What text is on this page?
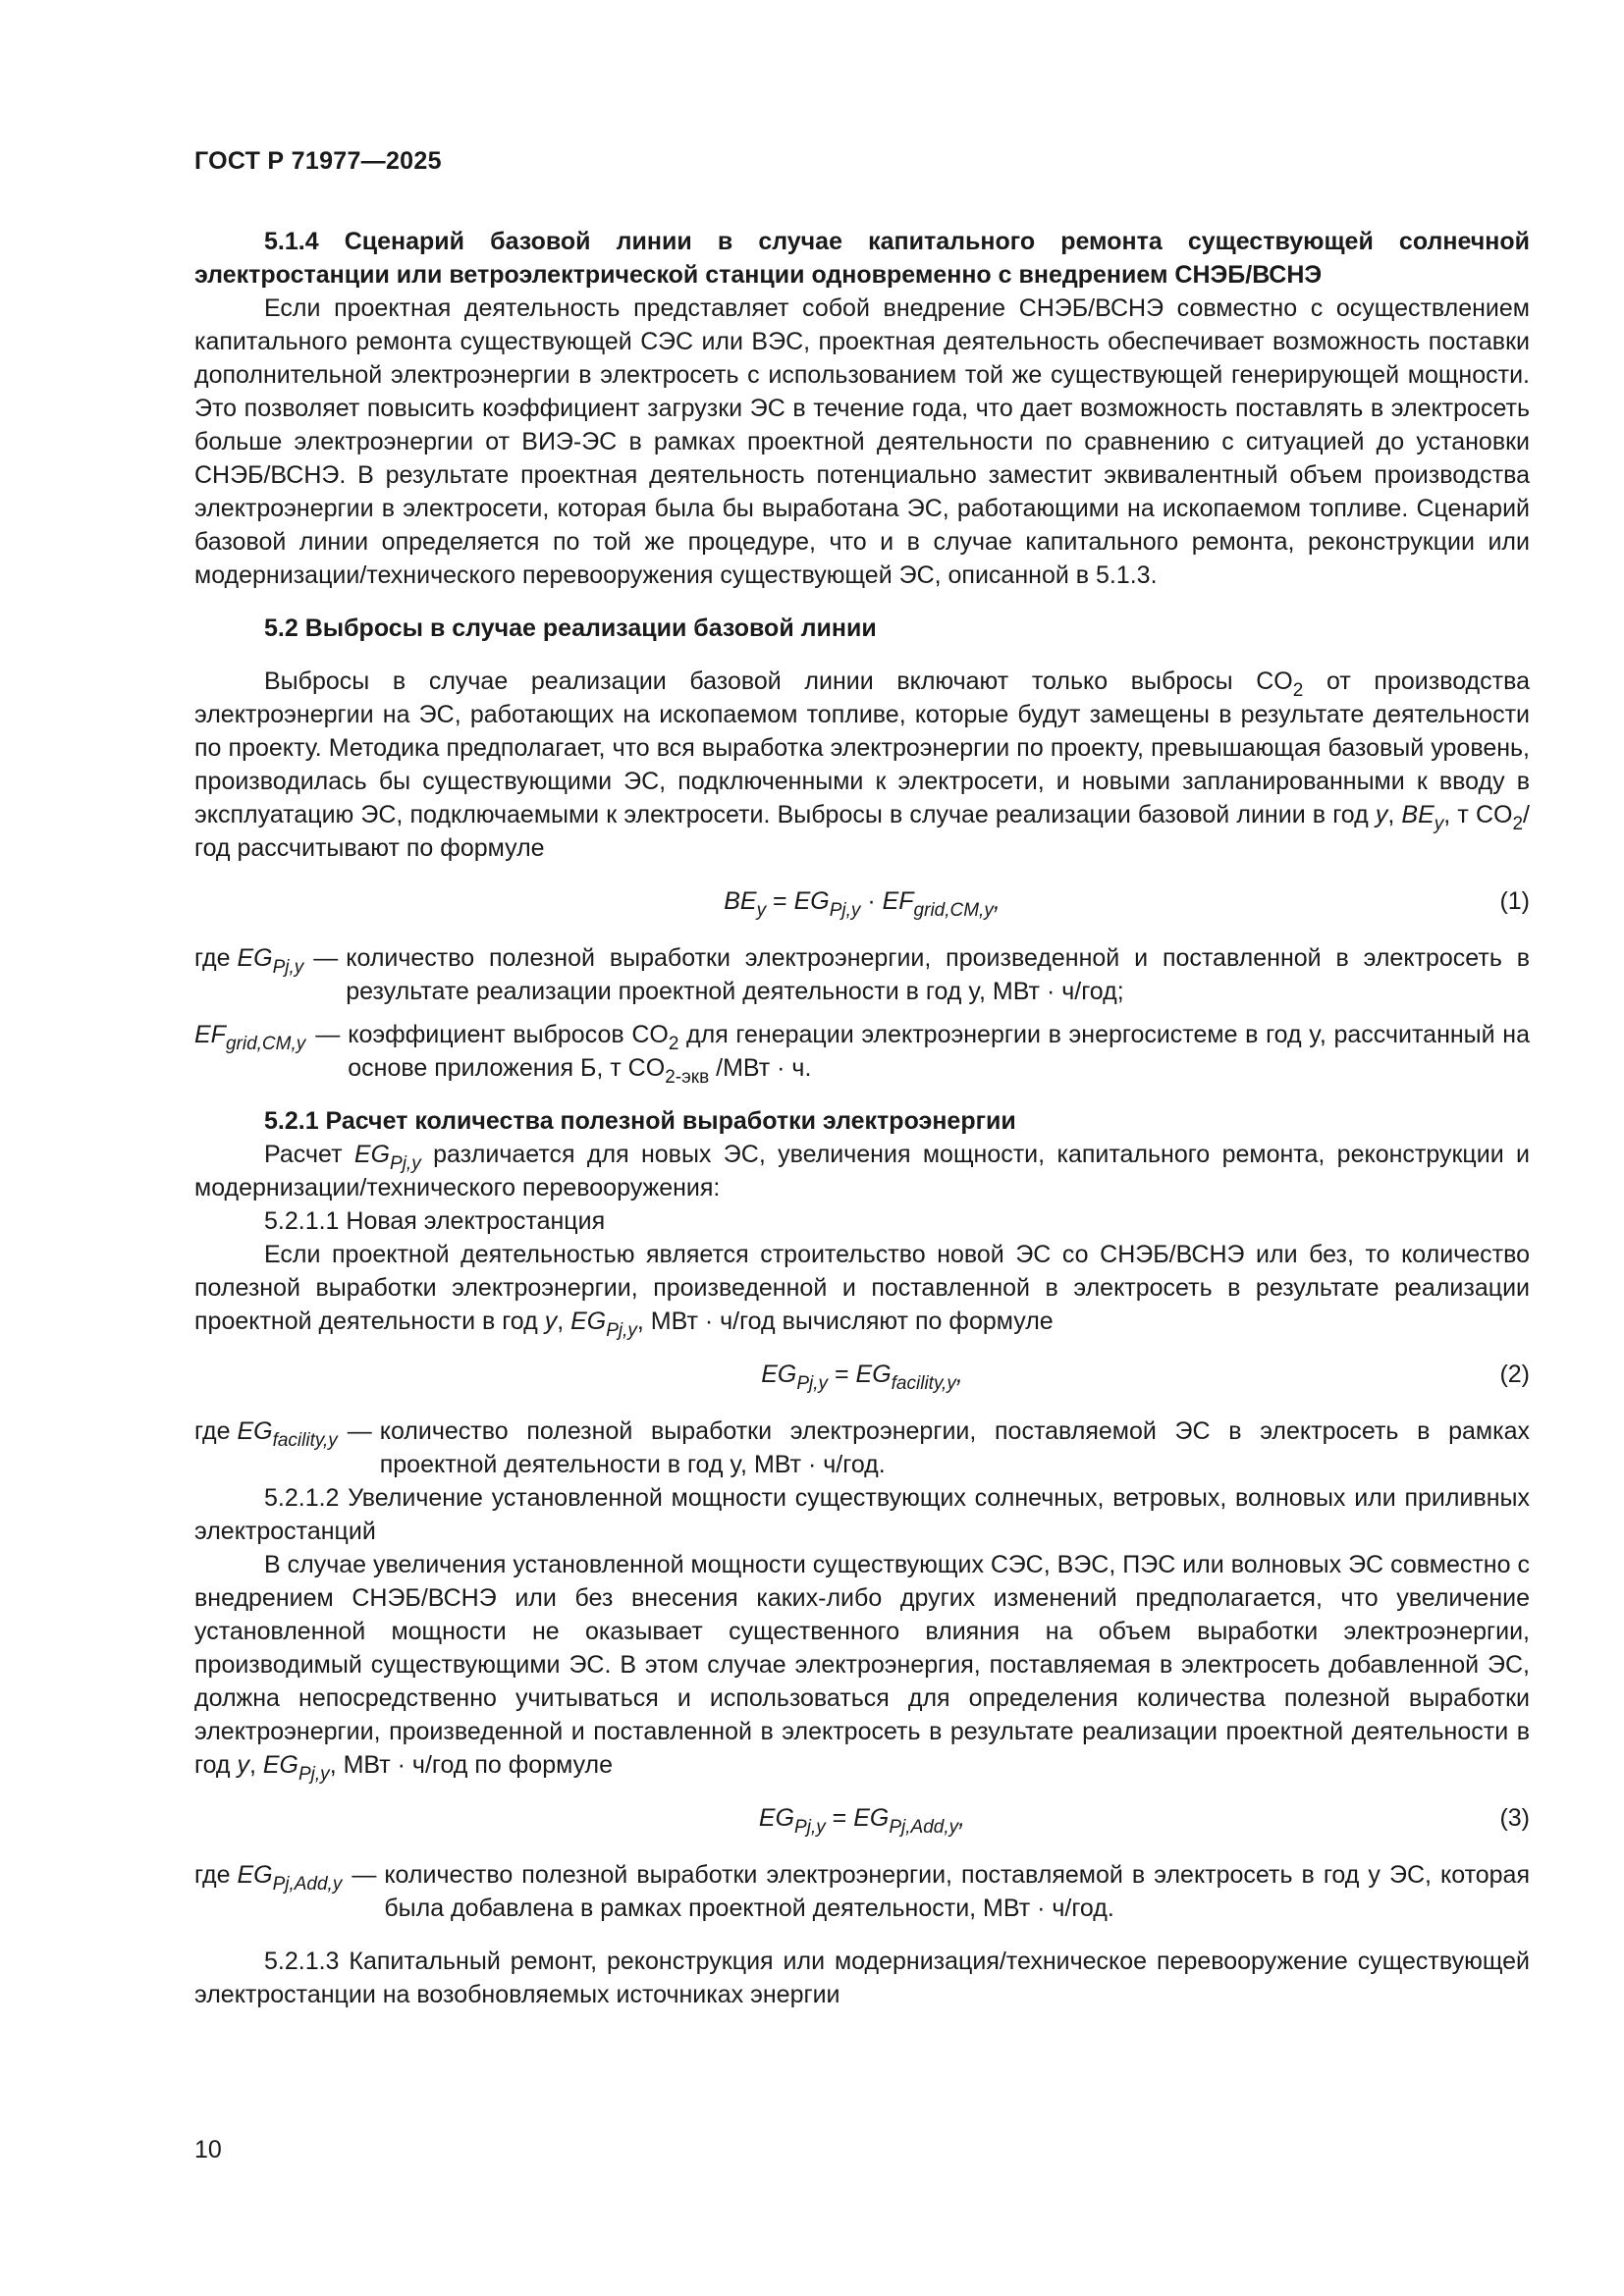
ГОСТ Р 71977—2025

5.1.4 Сценарий базовой линии в случае капитального ремонта существующей солнечной электростанции или ветроэлектрической станции одновременно с внедрением СНЭБ/ВСНЭ

Если проектная деятельность представляет собой внедрение СНЭБ/ВСНЭ совместно с осуществлением капитального ремонта существующей СЭС или ВЭС, проектная деятельность обеспечивает возможность поставки дополнительной электроэнергии в электросеть с использованием той же существующей генерирующей мощности. Это позволяет повысить коэффициент загрузки ЭС в течение года, что дает возможность поставлять в электросеть больше электроэнергии от ВИЭ-ЭС в рамках проектной деятельности по сравнению с ситуацией до установки СНЭБ/ВСНЭ. В результате проектная деятельность потенциально заместит эквивалентный объем производства электроэнергии в электросети, которая была бы выработана ЭС, работающими на ископаемом топливе. Сценарий базовой линии определяется по той же процедуре, что и в случае капитального ремонта, реконструкции или модернизации/технического перевооружения существующей ЭС, описанной в 5.1.3.

5.2 Выбросы в случае реализации базовой линии

Выбросы в случае реализации базовой линии включают только выбросы $CO_2$ от производства электроэнергии на ЭС, работающих на ископаемом топливе, которые будут замещены в результате деятельности по проекту. Методика предполагает, что вся выработка электроэнергии по проекту, превышающая базовый уровень, производилась бы существующими ЭС, подключенными к электросети, и новыми запланированными к вводу в эксплуатацию ЭС, подключаемыми к электросети. Выбросы в случае реализации базовой линии в год y, $BE_y$, т $CO_2$/год рассчитывают по формуле

$BE_y = EG_{Pj,y} \cdot EF_{grid,CM,y}$,	(1)
где $EG_{Pj,y}$ — количество полезной выработки электроэнергии, произведенной и поставленной в электросеть в результате реализации проектной деятельности в год y, МВт · ч/год;
$EF_{grid,CM,y}$ — коэффициент выбросов $CO_2$ для генерации электроэнергии в энергосистеме в год y, рассчитанный на основе приложения Б, т $CO_{2-экв}$ /МВт · ч.

5.2.1 Расчет количества полезной выработки электроэнергии

Расчет $EG_{Pj,y}$ различается для новых ЭС, увеличения мощности, капитального ремонта, реконструкции и модернизации/технического перевооружения:

5.2.1.1 Новая электростанция

Если проектной деятельностью является строительство новой ЭС со СНЭБ/ВСНЭ или без, то количество полезной выработки электроэнергии, произведенной и поставленной в электросеть в результате реализации проектной деятельности в год y, $EG_{Pj,y}$, МВт · ч/год вычисляют по формуле

$EG_{Pj,y} = EG_{facility,y}$,	(2)
где $EG_{facility,y}$ — количество полезной выработки электроэнергии, поставляемой ЭС в электросеть в рамках проектной деятельности в год y, МВт · ч/год.

5.2.1.2 Увеличение установленной мощности существующих солнечных, ветровых, волновых или приливных электростанций

В случае увеличения установленной мощности существующих СЭС, ВЭС, ПЭС или волновых ЭС совместно с внедрением СНЭБ/ВСНЭ или без внесения каких-либо других изменений предполагается, что увеличение установленной мощности не оказывает существенного влияния на объем выработки электроэнергии, производимый существующими ЭС. В этом случае электроэнергия, поставляемая в электросеть добавленной ЭС, должна непосредственно учитываться и использоваться для определения количества полезной выработки электроэнергии, произведенной и поставленной в электросеть в результате реализации проектной деятельности в год y, $EG_{Pj,y}$, МВт · ч/год по формуле

$EG_{Pj,y} = EG_{Pj,Add,y}$,	(3)
где $EG_{Pj,Add,y}$ — количество полезной выработки электроэнергии, поставляемой в электросеть в год y ЭС, которая была добавлена в рамках проектной деятельности, МВт · ч/год.

5.2.1.3 Капитальный ремонт, реконструкция или модернизация/техническое перевооружение существующей электростанции на возобновляемых источниках энергии

10
